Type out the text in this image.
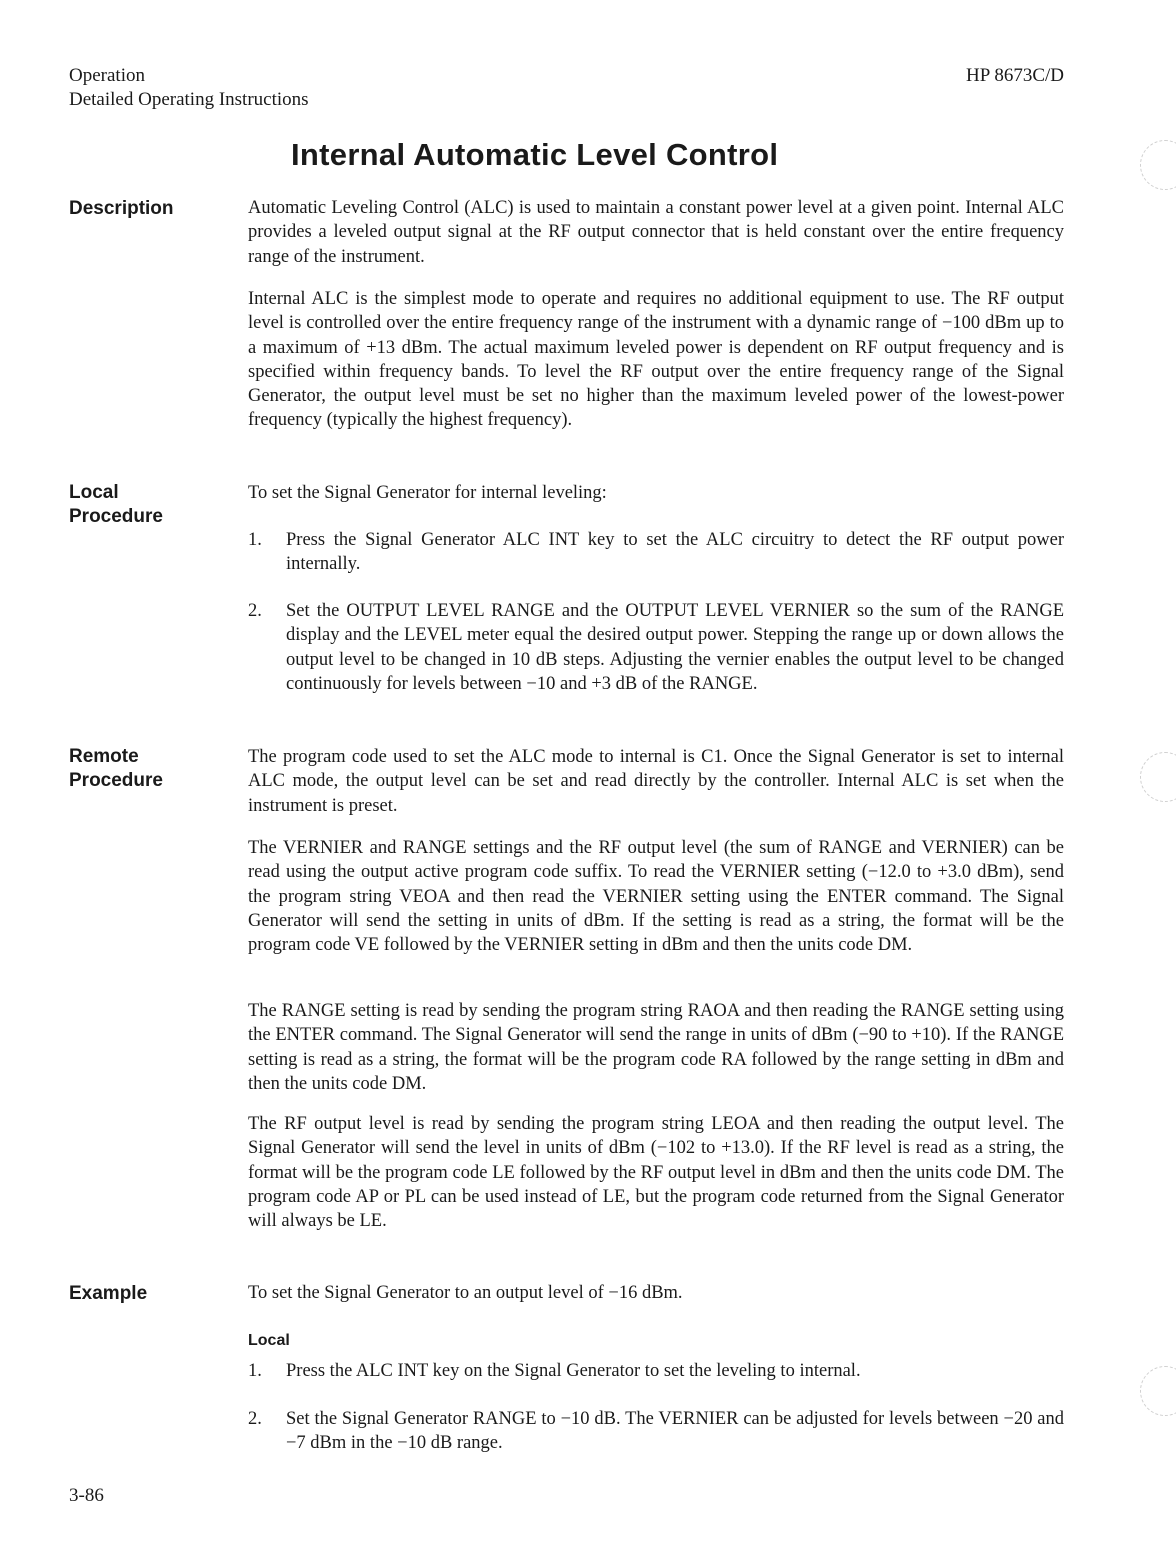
Operation
Detailed Operating Instructions
HP 8673C/D
Internal Automatic Level Control
Description	Automatic Leveling Control (ALC) is used to maintain a constant power level at a given point. Internal ALC provides a leveled output signal at the RF output connector that is held constant over the entire frequency range of the instrument.

Internal ALC is the simplest mode to operate and requires no additional equipment to use. The RF output level is controlled over the entire frequency range of the instrument with a dynamic range of −100 dBm up to a maximum of +13 dBm. The actual maximum leveled power is dependent on RF output frequency and is specified within frequency bands. To level the RF output over the entire frequency range of the Signal Generator, the output level must be set no higher than the maximum leveled power of the lowest-power frequency (typically the highest frequency).

Local
Procedure

To set the Signal Generator for internal leveling:

1. Press the Signal Generator ALC INT key to set the ALC circuitry to detect the RF output power internally.

2. Set the OUTPUT LEVEL RANGE and the OUTPUT LEVEL VERNIER so the sum of the RANGE display and the LEVEL meter equal the desired output power. Stepping the range up or down allows the output level to be changed in 10 dB steps. Adjusting the vernier enables the output level to be changed continuously for levels between −10 and +3 dB of the RANGE.

Remote
Procedure

The program code used to set the ALC mode to internal is C1. Once the Signal Generator is set to internal ALC mode, the output level can be set and read directly by the controller. Internal ALC is set when the instrument is preset.

The VERNIER and RANGE settings and the RF output level (the sum of RANGE and VERNIER) can be read using the output active program code suffix. To read the VERNIER setting (−12.0 to +3.0 dBm), send the program string VEOA and then read the VERNIER setting using the ENTER command. The Signal Generator will send the setting in units of dBm. If the setting is read as a string, the format will be the program code VE followed by the VERNIER setting in dBm and then the units code DM.

The RANGE setting is read by sending the program string RAOA and then reading the RANGE setting using the ENTER command. The Signal Generator will send the range in units of dBm (−90 to +10). If the RANGE setting is read as a string, the format will be the program code RA followed by the range setting in dBm and then the units code DM.

The RF output level is read by sending the program string LEOA and then reading the output level. The Signal Generator will send the level in units of dBm (−102 to +13.0). If the RF level is read as a string, the format will be the program code LE followed by the RF output level in dBm and then the units code DM. The program code AP or PL can be used instead of LE, but the program code returned from the Signal Generator will always be LE.

Example	To set the Signal Generator to an output level of −16 dBm.

Local
1. Press the ALC INT key on the Signal Generator to set the leveling to internal.

2. Set the Signal Generator RANGE to −10 dB. The VERNIER can be adjusted for levels between −20 and −7 dBm in the −10 dB range.

3-86
